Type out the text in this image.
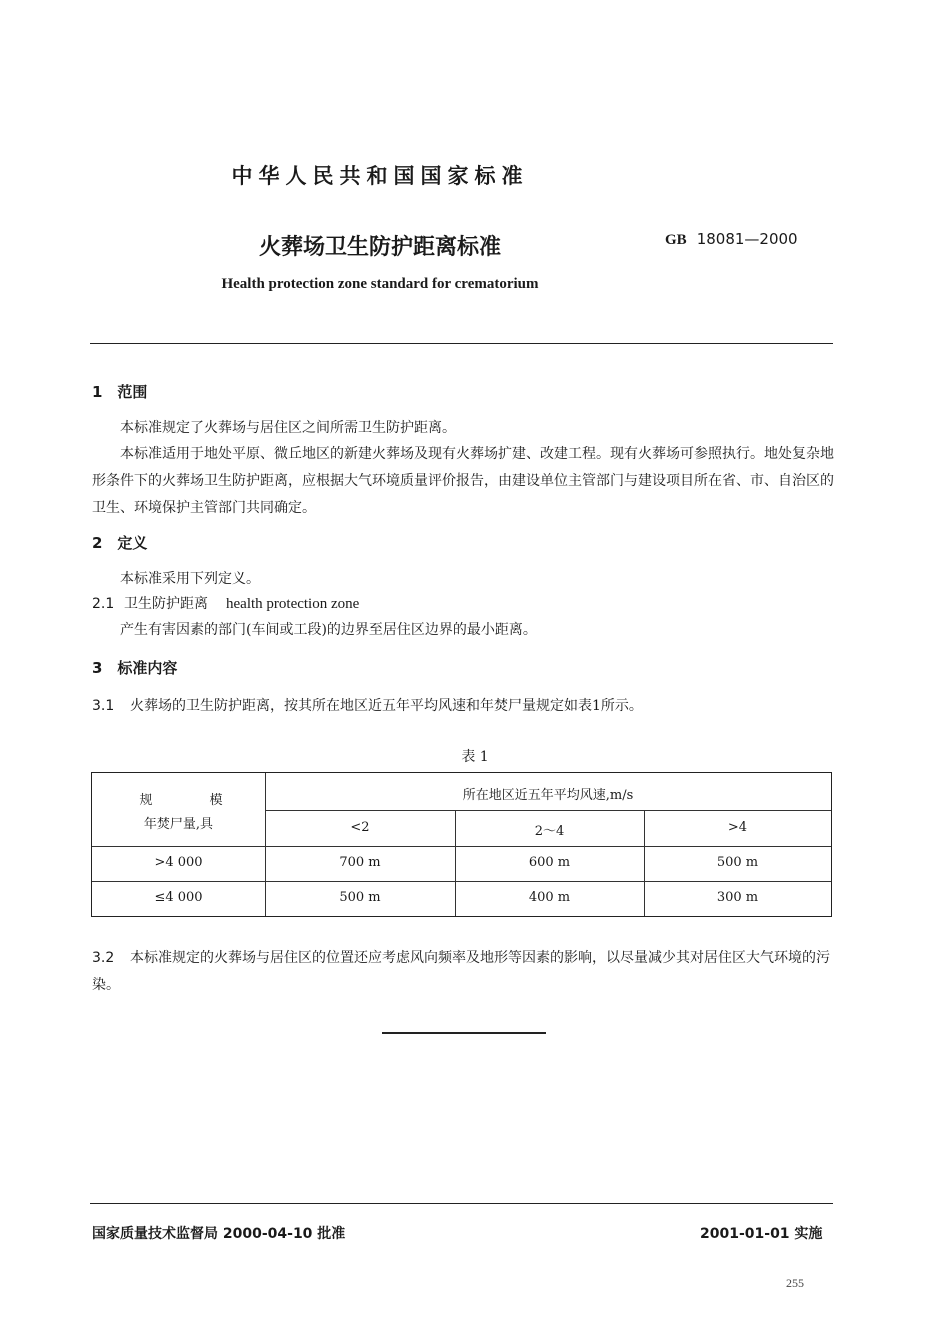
中华人民共和国国家标准
火葬场卫生防护距离标准	GB 18081—2000
Health protection zone standard for crematorium
1　范围
本标准规定了火葬场与居住区之间所需卫生防护距离。
本标准适用于地处平原、微丘地区的新建火葬场及现有火葬场扩建、改建工程。现有火葬场可参照执行。地处复杂地形条件下的火葬场卫生防护距离，应根据大气环境质量评价报告，由建设单位主管部门与建设项目所在省、市、自治区的卫生、环境保护主管部门共同确定。
2　定义
本标准采用下列定义。
2.1 卫生防护距离 health protection zone
产生有害因素的部门(车间或工段)的边界至居住区边界的最小距离。
3　标准内容
3.1 火葬场的卫生防护距离，按其所在地区近五年平均风速和年焚尸量规定如表1所示。
表 1
规	模
年焚尸量,具
所在地区近五年平均风速,m/s
<2	2～4	>4
>4 000	700 m	600 m	500 m
≤4 000	500 m	400 m	300 m
3.2 本标准规定的火葬场与居住区的位置还应考虑风向频率及地形等因素的影响，以尽量减少其对居住区大气环境的污染。
国家质量技术监督局 2000-04-10 批准	2001-01-01 实施
255
